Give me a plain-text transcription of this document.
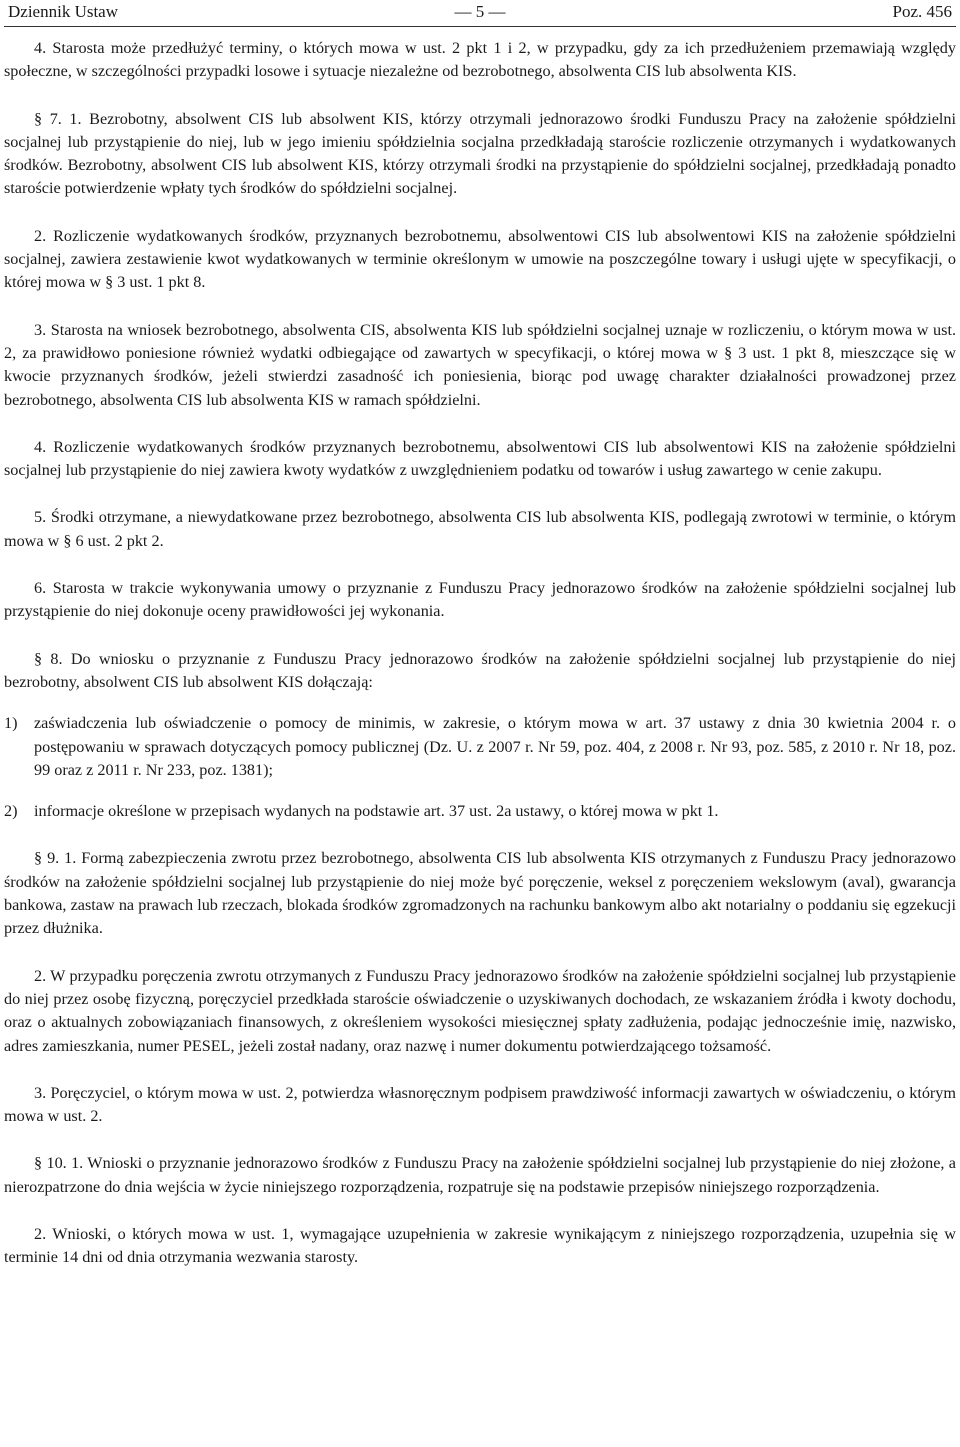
Dziennik Ustaw	— 5 —	Poz. 456

4. Starosta może przedłużyć terminy, o których mowa w ust. 2 pkt 1 i 2, w przypadku, gdy za ich przedłużeniem przemawiają względy społeczne, w szczególności przypadki losowe i sytuacje niezależne od bezrobotnego, absolwenta CIS lub absolwenta KIS.

§ 7. 1. Bezrobotny, absolwent CIS lub absolwent KIS, którzy otrzymali jednorazowo środki Funduszu Pracy na założenie spółdzielni socjalnej lub przystąpienie do niej, lub w jego imieniu spółdzielnia socjalna przedkładają staroście rozliczenie otrzymanych i wydatkowanych środków. Bezrobotny, absolwent CIS lub absolwent KIS, którzy otrzymali środki na przystąpienie do spółdzielni socjalnej, przedkładają ponadto staroście potwierdzenie wpłaty tych środków do spółdzielni socjalnej.

2. Rozliczenie wydatkowanych środków, przyznanych bezrobotnemu, absolwentowi CIS lub absolwentowi KIS na założenie spółdzielni socjalnej, zawiera zestawienie kwot wydatkowanych w terminie określonym w umowie na poszczególne towary i usługi ujęte w specyfikacji, o której mowa w § 3 ust. 1 pkt 8.

3. Starosta na wniosek bezrobotnego, absolwenta CIS, absolwenta KIS lub spółdzielni socjalnej uznaje w rozliczeniu, o którym mowa w ust. 2, za prawidłowo poniesione również wydatki odbiegające od zawartych w specyfikacji, o której mowa w § 3 ust. 1 pkt 8, mieszczące się w kwocie przyznanych środków, jeżeli stwierdzi zasadność ich poniesienia, biorąc pod uwagę charakter działalności prowadzonej przez bezrobotnego, absolwenta CIS lub absolwenta KIS w ramach spółdzielni.

4. Rozliczenie wydatkowanych środków przyznanych bezrobotnemu, absolwentowi CIS lub absolwentowi KIS na założenie spółdzielni socjalnej lub przystąpienie do niej zawiera kwoty wydatków z uwzględnieniem podatku od towarów i usług zawartego w cenie zakupu.

5. Środki otrzymane, a niewydatkowane przez bezrobotnego, absolwenta CIS lub absolwenta KIS, podlegają zwrotowi w terminie, o którym mowa w § 6 ust. 2 pkt 2.

6. Starosta w trakcie wykonywania umowy o przyznanie z Funduszu Pracy jednorazowo środków na założenie spółdzielni socjalnej lub przystąpienie do niej dokonuje oceny prawidłowości jej wykonania.

§ 8. Do wniosku o przyznanie z Funduszu Pracy jednorazowo środków na założenie spółdzielni socjalnej lub przystąpienie do niej bezrobotny, absolwent CIS lub absolwent KIS dołączają:

1) zaświadczenia lub oświadczenie o pomocy de minimis, w zakresie, o którym mowa w art. 37 ustawy z dnia 30 kwietnia 2004 r. o postępowaniu w sprawach dotyczących pomocy publicznej (Dz. U. z 2007 r. Nr 59, poz. 404, z 2008 r. Nr 93, poz. 585, z 2010 r. Nr 18, poz. 99 oraz z 2011 r. Nr 233, poz. 1381);
2) informacje określone w przepisach wydanych na podstawie art. 37 ust. 2a ustawy, o której mowa w pkt 1.

§ 9. 1. Formą zabezpieczenia zwrotu przez bezrobotnego, absolwenta CIS lub absolwenta KIS otrzymanych z Funduszu Pracy jednorazowo środków na założenie spółdzielni socjalnej lub przystąpienie do niej może być poręczenie, weksel z poręczeniem wekslowym (aval), gwarancja bankowa, zastaw na prawach lub rzeczach, blokada środków zgromadzonych na rachunku bankowym albo akt notarialny o poddaniu się egzekucji przez dłużnika.

2. W przypadku poręczenia zwrotu otrzymanych z Funduszu Pracy jednorazowo środków na założenie spółdzielni socjalnej lub przystąpienie do niej przez osobę fizyczną, poręczyciel przedkłada staroście oświadczenie o uzyskiwanych dochodach, ze wskazaniem źródła i kwoty dochodu, oraz o aktualnych zobowiązaniach finansowych, z określeniem wysokości miesięcznej spłaty zadłużenia, podając jednocześnie imię, nazwisko, adres zamieszkania, numer PESEL, jeżeli został nadany, oraz nazwę i numer dokumentu potwierdzającego tożsamość.

3. Poręczyciel, o którym mowa w ust. 2, potwierdza własnoręcznym podpisem prawdziwość informacji zawartych w oświadczeniu, o którym mowa w ust. 2.

§ 10. 1. Wnioski o przyznanie jednorazowo środków z Funduszu Pracy na założenie spółdzielni socjalnej lub przystąpienie do niej złożone, a nierozpatrzone do dnia wejścia w życie niniejszego rozporządzenia, rozpatruje się na podstawie przepisów niniejszego rozporządzenia.

2. Wnioski, o których mowa w ust. 1, wymagające uzupełnienia w zakresie wynikającym z niniejszego rozporządzenia, uzupełnia się w terminie 14 dni od dnia otrzymania wezwania starosty.
